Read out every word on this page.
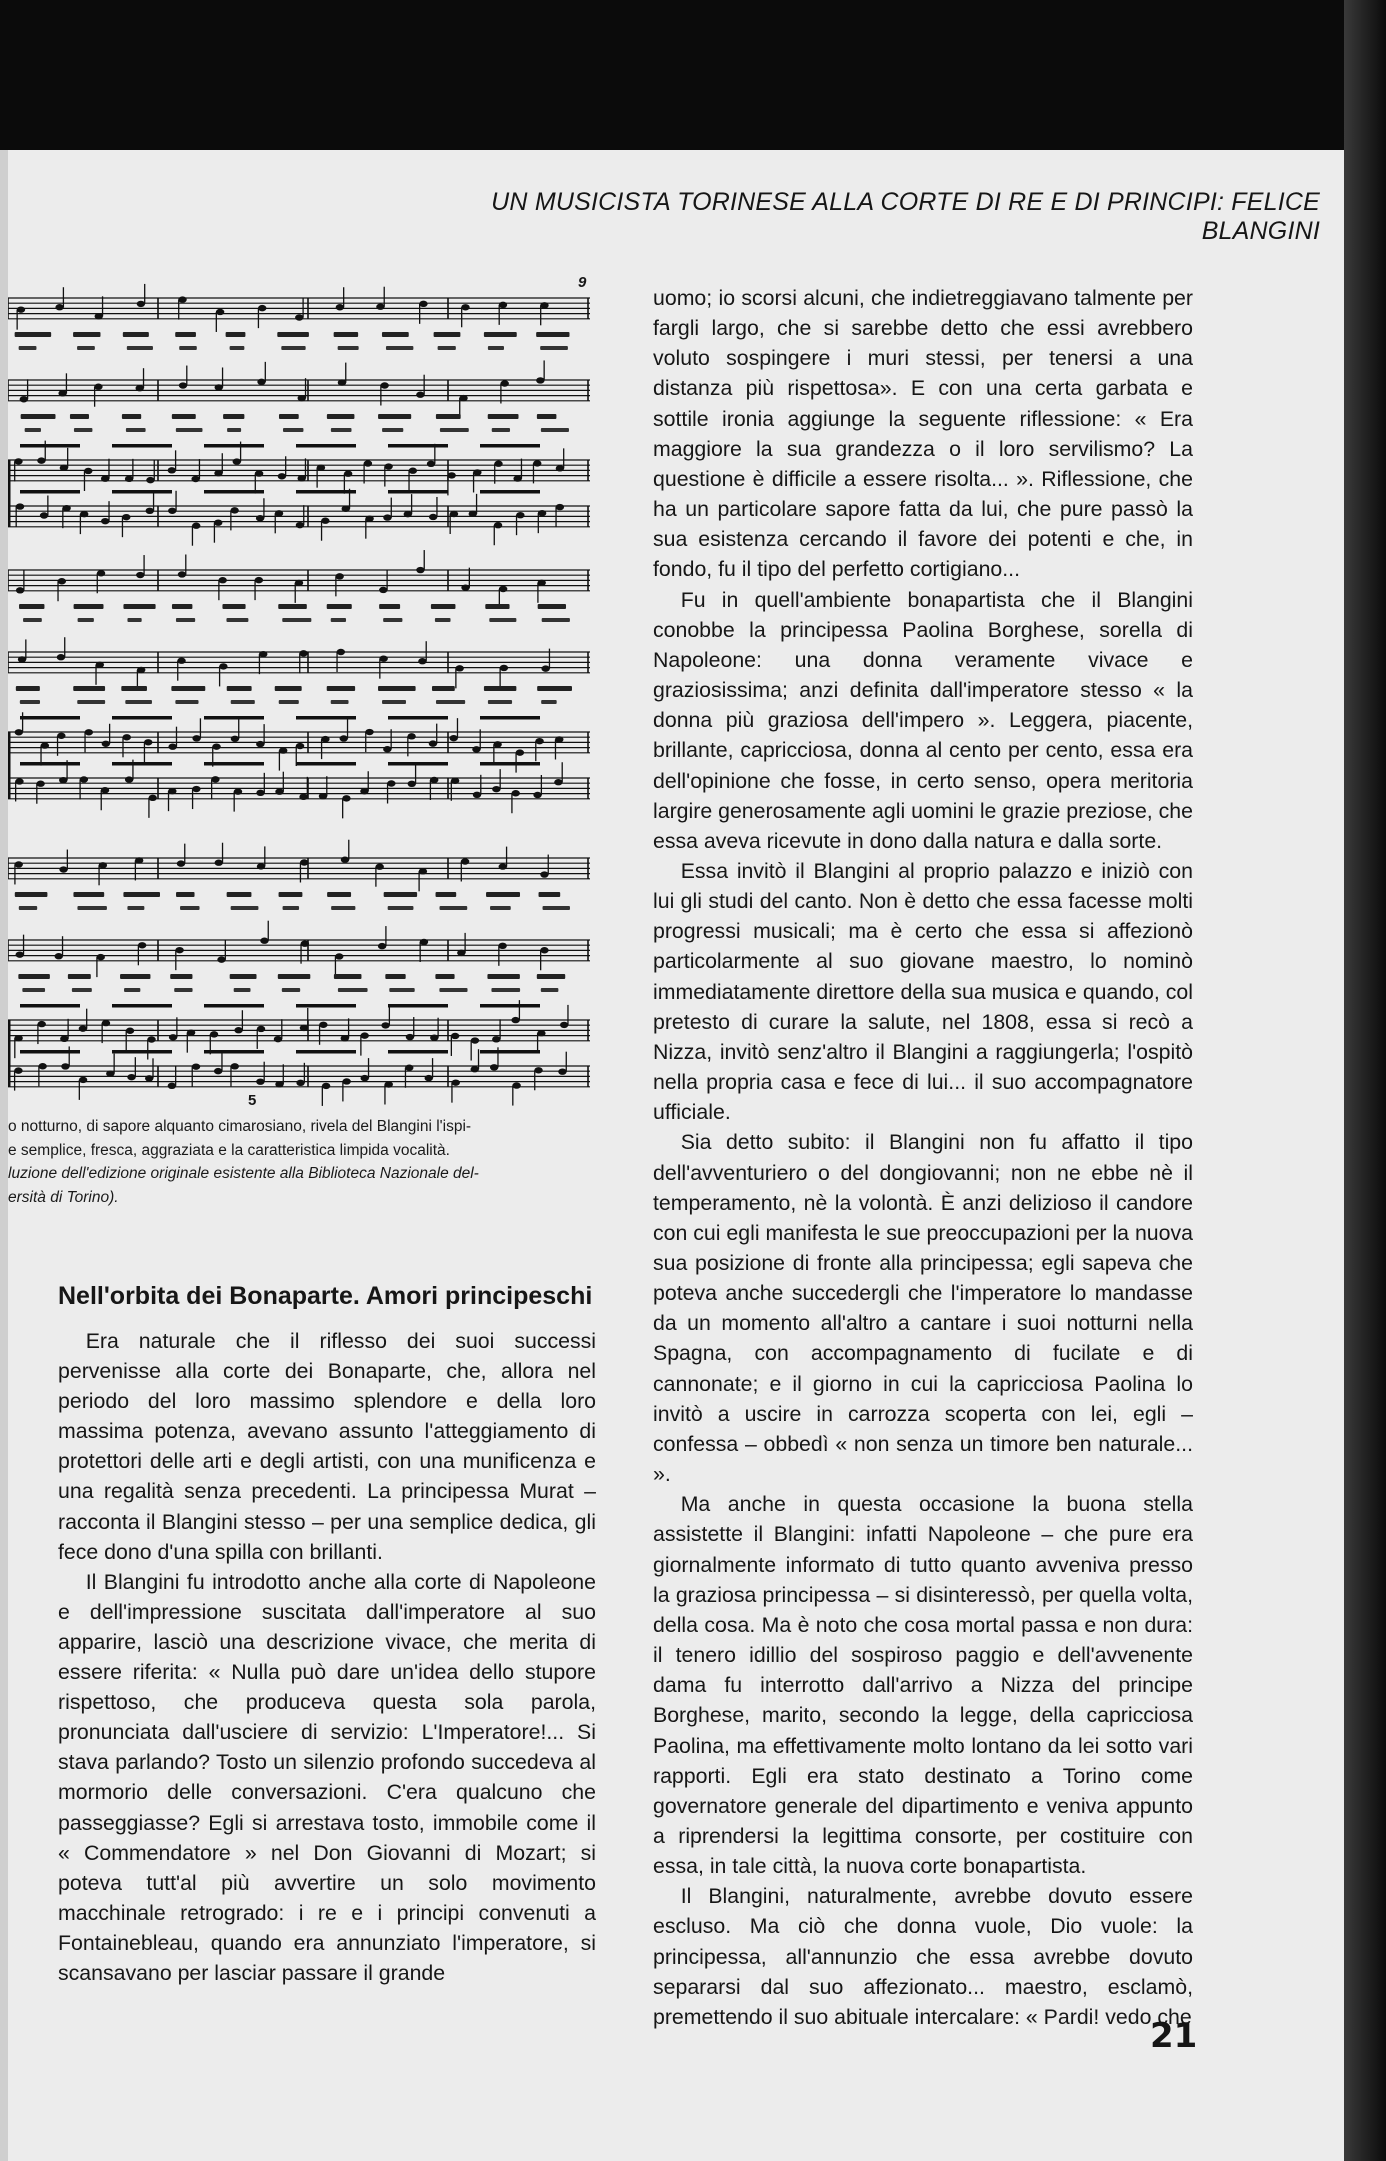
UN MUSICISTA TORINESE ALLA CORTE DI RE E DI PRINCIPI: FELICE BLANGINI
9
5

o notturno, di sapore alquanto cimarosiano, rivela del Blangini l'ispi-

e semplice, fresca, aggraziata e la caratteristica limpida vocalità.

luzione dell'edizione originale esistente alla Biblioteca Nazionale del-

ersità di Torino).

Nell'orbita dei Bonaparte. Amori principeschi

Era naturale che il riflesso dei suoi successi pervenisse alla corte dei Bonaparte, che, allora nel periodo del loro massimo splendore e della loro massima potenza, avevano assunto l'atteggiamento di protettori delle arti e degli artisti, con una munificenza e una regalità senza precedenti. La principessa Murat – racconta il Blangini stesso – per una semplice dedica, gli fece dono d'una spilla con brillanti.

Il Blangini fu introdotto anche alla corte di Napoleone e dell'impressione suscitata dall'imperatore al suo apparire, lasciò una descrizione vivace, che merita di essere riferita: « Nulla può dare un'idea dello stupore rispettoso, che produceva questa sola parola, pronunciata dall'usciere di servizio: L'Imperatore!... Si stava parlando? Tosto un silenzio profondo succedeva al mormorio delle conversazioni. C'era qualcuno che passeggiasse? Egli si arrestava tosto, immobile come il « Commendatore » nel Don Giovanni di Mozart; si poteva tutt'al più avvertire un solo movimento macchinale retrogrado: i re e i principi convenuti a Fontainebleau, quando era annunziato l'imperatore, si scansavano per lasciar passare il grande

uomo; io scorsi alcuni, che indietreggiavano talmente per fargli largo, che si sarebbe detto che essi avrebbero voluto sospingere i muri stessi, per tenersi a una distanza più rispettosa». E con una certa garbata e sottile ironia aggiunge la seguente riflessione: « Era maggiore la sua grandezza o il loro servilismo? La questione è difficile a essere risolta... ». Riflessione, che ha un particolare sapore fatta da lui, che pure passò la sua esistenza cercando il favore dei potenti e che, in fondo, fu il tipo del perfetto cortigiano...

Fu in quell'ambiente bonapartista che il Blangini conobbe la principessa Paolina Borghese, sorella di Napoleone: una donna veramente vivace e graziosissima; anzi definita dall'imperatore stesso « la donna più graziosa dell'impero ». Leggera, piacente, brillante, capricciosa, donna al cento per cento, essa era dell'opinione che fosse, in certo senso, opera meritoria largire generosamente agli uomini le grazie preziose, che essa aveva ricevute in dono dalla natura e dalla sorte.

Essa invitò il Blangini al proprio palazzo e iniziò con lui gli studi del canto. Non è detto che essa facesse molti progressi musicali; ma è certo che essa si affezionò particolarmente al suo giovane maestro, lo nominò immediatamente direttore della sua musica e quando, col pretesto di curare la salute, nel 1808, essa si recò a Nizza, invitò senz'altro il Blangini a raggiungerla; l'ospitò nella propria casa e fece di lui... il suo accompagnatore ufficiale.

Sia detto subito: il Blangini non fu affatto il tipo dell'avventuriero o del dongiovanni; non ne ebbe nè il temperamento, nè la volontà. È anzi delizioso il candore con cui egli manifesta le sue preoccupazioni per la nuova sua posizione di fronte alla principessa; egli sapeva che poteva anche succedergli che l'imperatore lo mandasse da un momento all'altro a cantare i suoi notturni nella Spagna, con accompagnamento di fucilate e di cannonate; e il giorno in cui la capricciosa Paolina lo invitò a uscire in carrozza scoperta con lei, egli – confessa – obbedì « non senza un timore ben naturale... ».

Ma anche in questa occasione la buona stella assistette il Blangini: infatti Napoleone – che pure era giornalmente informato di tutto quanto avveniva presso la graziosa principessa – si disinteressò, per quella volta, della cosa. Ma è noto che cosa mortal passa e non dura: il tenero idillio del sospiroso paggio e dell'avvenente dama fu interrotto dall'arrivo a Nizza del principe Borghese, marito, secondo la legge, della capricciosa Paolina, ma effettivamente molto lontano da lei sotto vari rapporti. Egli era stato destinato a Torino come governatore generale del dipartimento e veniva appunto a riprendersi la legittima consorte, per costituire con essa, in tale città, la nuova corte bonapartista.

Il Blangini, naturalmente, avrebbe dovuto essere escluso. Ma ciò che donna vuole, Dio vuole: la principessa, all'annunzio che essa avrebbe dovuto separarsi dal suo affezionato... maestro, esclamò, premettendo il suo abituale intercalare: « Pardi! vedo che

21
